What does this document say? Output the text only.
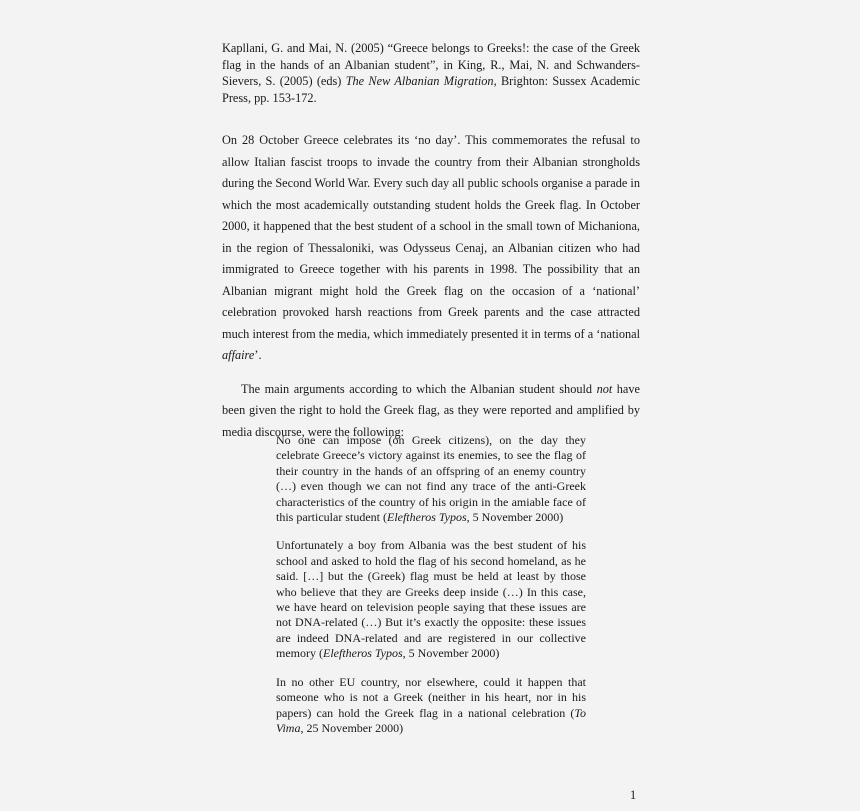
Kapllani, G. and Mai, N. (2005) “Greece belongs to Greeks!: the case of the Greek flag in the hands of an Albanian student”, in King, R., Mai, N. and Schwanders-Sievers, S. (2005) (eds) The New Albanian Migration, Brighton: Sussex Academic Press, pp. 153-172.

On 28 October Greece celebrates its ‘no day’. This commemorates the refusal to allow Italian fascist troops to invade the country from their Albanian strongholds during the Second World War. Every such day all public schools organise a parade in which the most academically outstanding student holds the Greek flag. In October 2000, it happened that the best student of a school in the small town of Michaniona, in the region of Thessaloniki, was Odysseus Cenaj, an Albanian citizen who had immigrated to Greece together with his parents in 1998. The possibility that an Albanian migrant might hold the Greek flag on the occasion of a ‘national’ celebration provoked harsh reactions from Greek parents and the case attracted much interest from the media, which immediately presented it in terms of a ‘national affaire’.

The main arguments according to which the Albanian student should not have been given the right to hold the Greek flag, as they were reported and amplified by media discourse, were the following:

No one can impose (on Greek citizens), on the day they celebrate Greece’s victory against its enemies, to see the flag of their country in the hands of an offspring of an enemy country (…) even though we can not find any trace of the anti-Greek characteristics of the country of his origin in the amiable face of this particular student (Eleftheros Typos, 5 November 2000)

Unfortunately a boy from Albania was the best student of his school and asked to hold the flag of his second homeland, as he said. […] but the (Greek) flag must be held at least by those who believe that they are Greeks deep inside (…) In this case, we have heard on television people saying that these issues are not DNA-related (…) But it’s exactly the opposite: these issues are indeed DNA-related and are registered in our collective memory (Eleftheros Typos, 5 November 2000)

In no other EU country, nor elsewhere, could it happen that someone who is not a Greek (neither in his heart, nor in his papers) can hold the Greek flag in a national celebration (To Vima, 25 November 2000)

1
